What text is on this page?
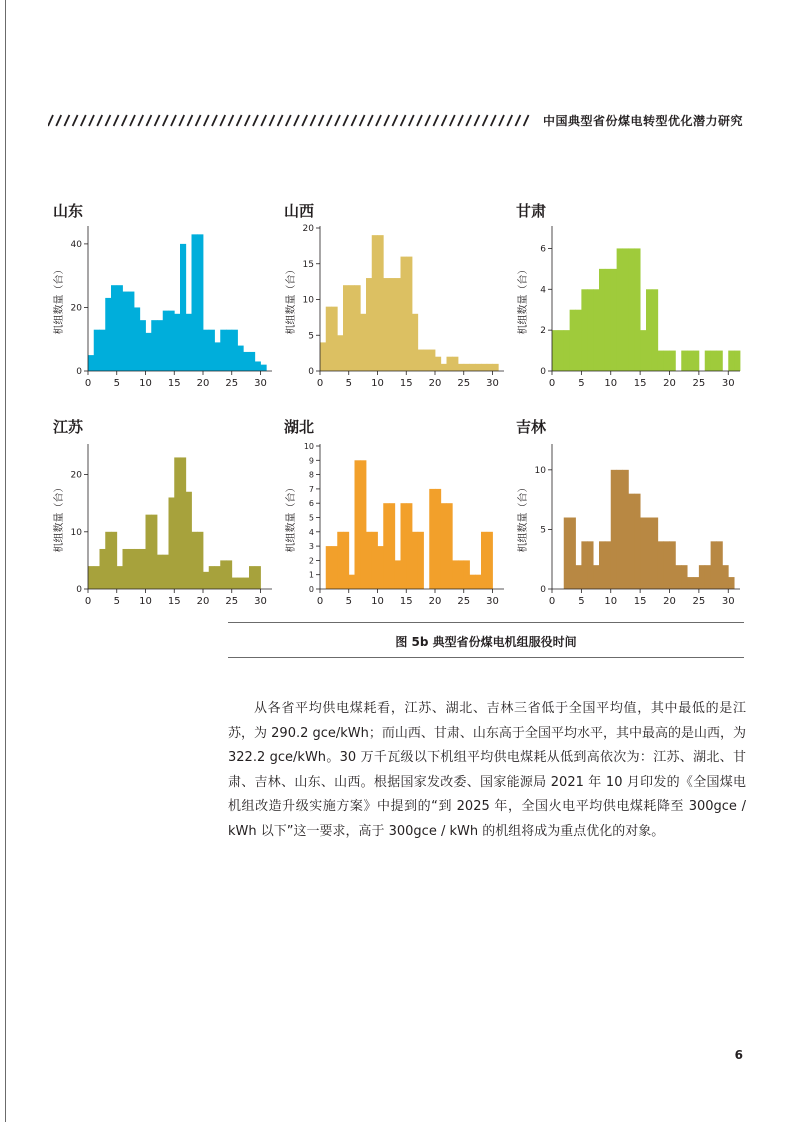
中国典型省份煤电转型优化潜力研究
山东
0
20
40
0 5 10 15 20 25 30
机组数量（台）
山西
0
5
10
15
20
0 5 10 15 20 25 30
机组数量（台）
甘肃
0
2
4
6
0 5 10 15 20 25 30
机组数量（台）
江苏
0
10
20
0 5 10 15 20 25 30
机组数量（台）
湖北
0
1
2
3
4
5
6
7
8
9
10
0 5 10 15 20 25 30
机组数量（台）
吉林
0
5
10
0 5 10 15 20 25 30
机组数量（台）
图 5b 典型省份煤电机组服役时间
从各省平均供电煤耗看，江苏、湖北、吉林三省低于全国平均值，其中最低的是江苏，为 290.2 gce/kWh；而山西、甘肃、山东高于全国平均水平，其中最高的是山西，为 322.2 gce/kWh。30 万千瓦级以下机组平均供电煤耗从低到高依次为：江苏、湖北、甘肃、吉林、山东、山西。根据国家发改委、国家能源局 2021 年 10 月印发的《全国煤电机组改造升级实施方案》中提到的“到 2025 年，全国火电平均供电煤耗降至 300gce / kWh 以下”这一要求，高于 300gce / kWh 的机组将成为重点优化的对象。
6
